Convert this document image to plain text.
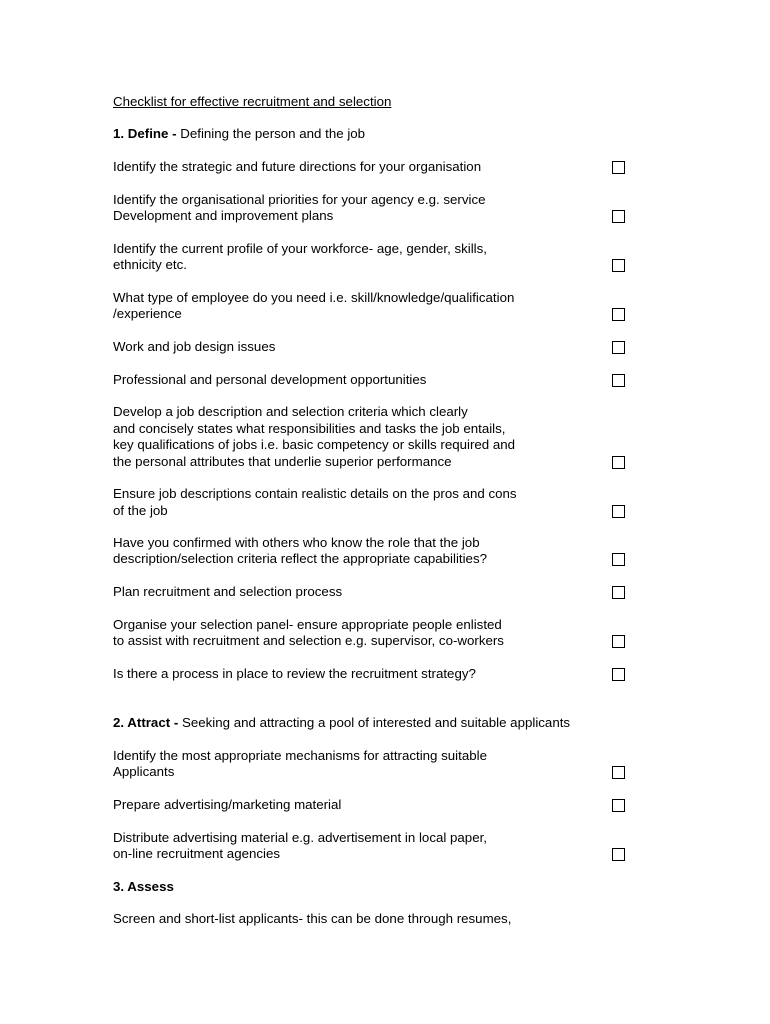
Checklist for effective recruitment and selection
1. Define - Defining the person and the job
Identify the strategic and future directions for your organisation
Identify the organisational priorities for your agency e.g. service
Development and improvement plans
Identify the current profile of your workforce- age, gender, skills,
ethnicity etc.
What type of employee do you need i.e. skill/knowledge/qualification
/experience
Work and job design issues
Professional and personal development opportunities
Develop a job description and selection criteria which clearly
and concisely states what responsibilities and tasks the job entails,
key qualifications of jobs i.e. basic competency or skills required and
the personal attributes that underlie superior performance
Ensure job descriptions contain realistic details on the pros and cons
of the job
Have you confirmed with others who know the role that the job
description/selection criteria reflect the appropriate capabilities?
Plan recruitment and selection process
Organise your selection panel- ensure appropriate people enlisted
to assist with recruitment and selection e.g. supervisor, co-workers
Is there a process in place to review the recruitment strategy?
2. Attract - Seeking and attracting a pool of interested and suitable applicants
Identify the most appropriate mechanisms for attracting suitable
Applicants
Prepare advertising/marketing material
Distribute advertising material e.g. advertisement in local paper,
on-line recruitment agencies
3. Assess
Screen and short-list applicants- this can be done through resumes,
